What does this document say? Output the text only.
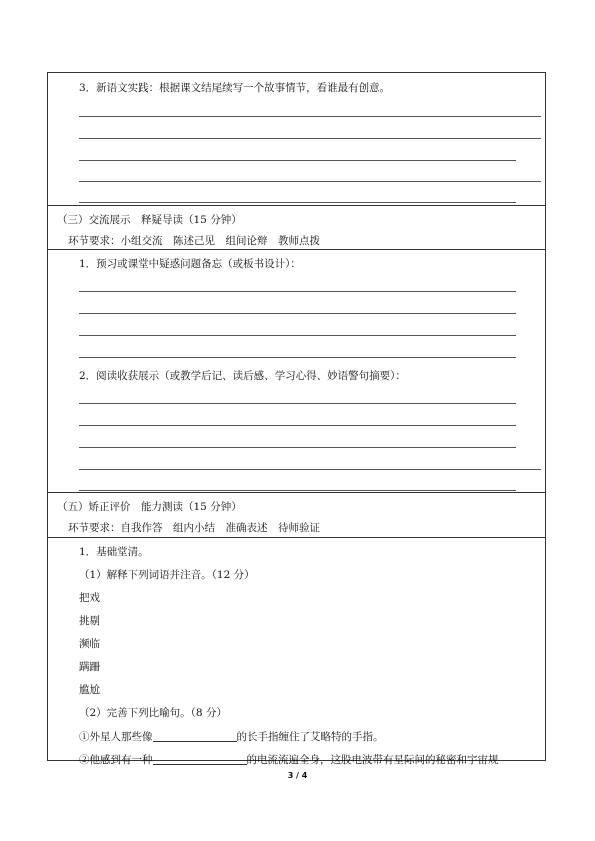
3．新语文实践：根据课文结尾续写一个故事情节，看谁最有创意。
（三）交流展示　释疑导读（15 分钟）
环节要求：小组交流　陈述己见　组间论辩　教师点拨
1．预习或课堂中疑惑问题备忘（或板书设计）：
2．阅读收获展示（或教学后记、读后感、学习心得、妙语警句摘要）：
（五）矫正评价　能力测读（15 分钟）
环节要求：自我作答　组内小结　准确表述　待师验证
1．基础堂清。
（1）解释下列词语并注音。（12 分）
把戏
挑剔
濒临
蹒跚
尴尬
（2）完善下列比喻句。（8 分）
①外星人那些像	的长手指缠住了艾略特的手指。
②他感到有一种	的电流流遍全身，这股电波带有星际间的秘密和宇宙规
3 / 4
